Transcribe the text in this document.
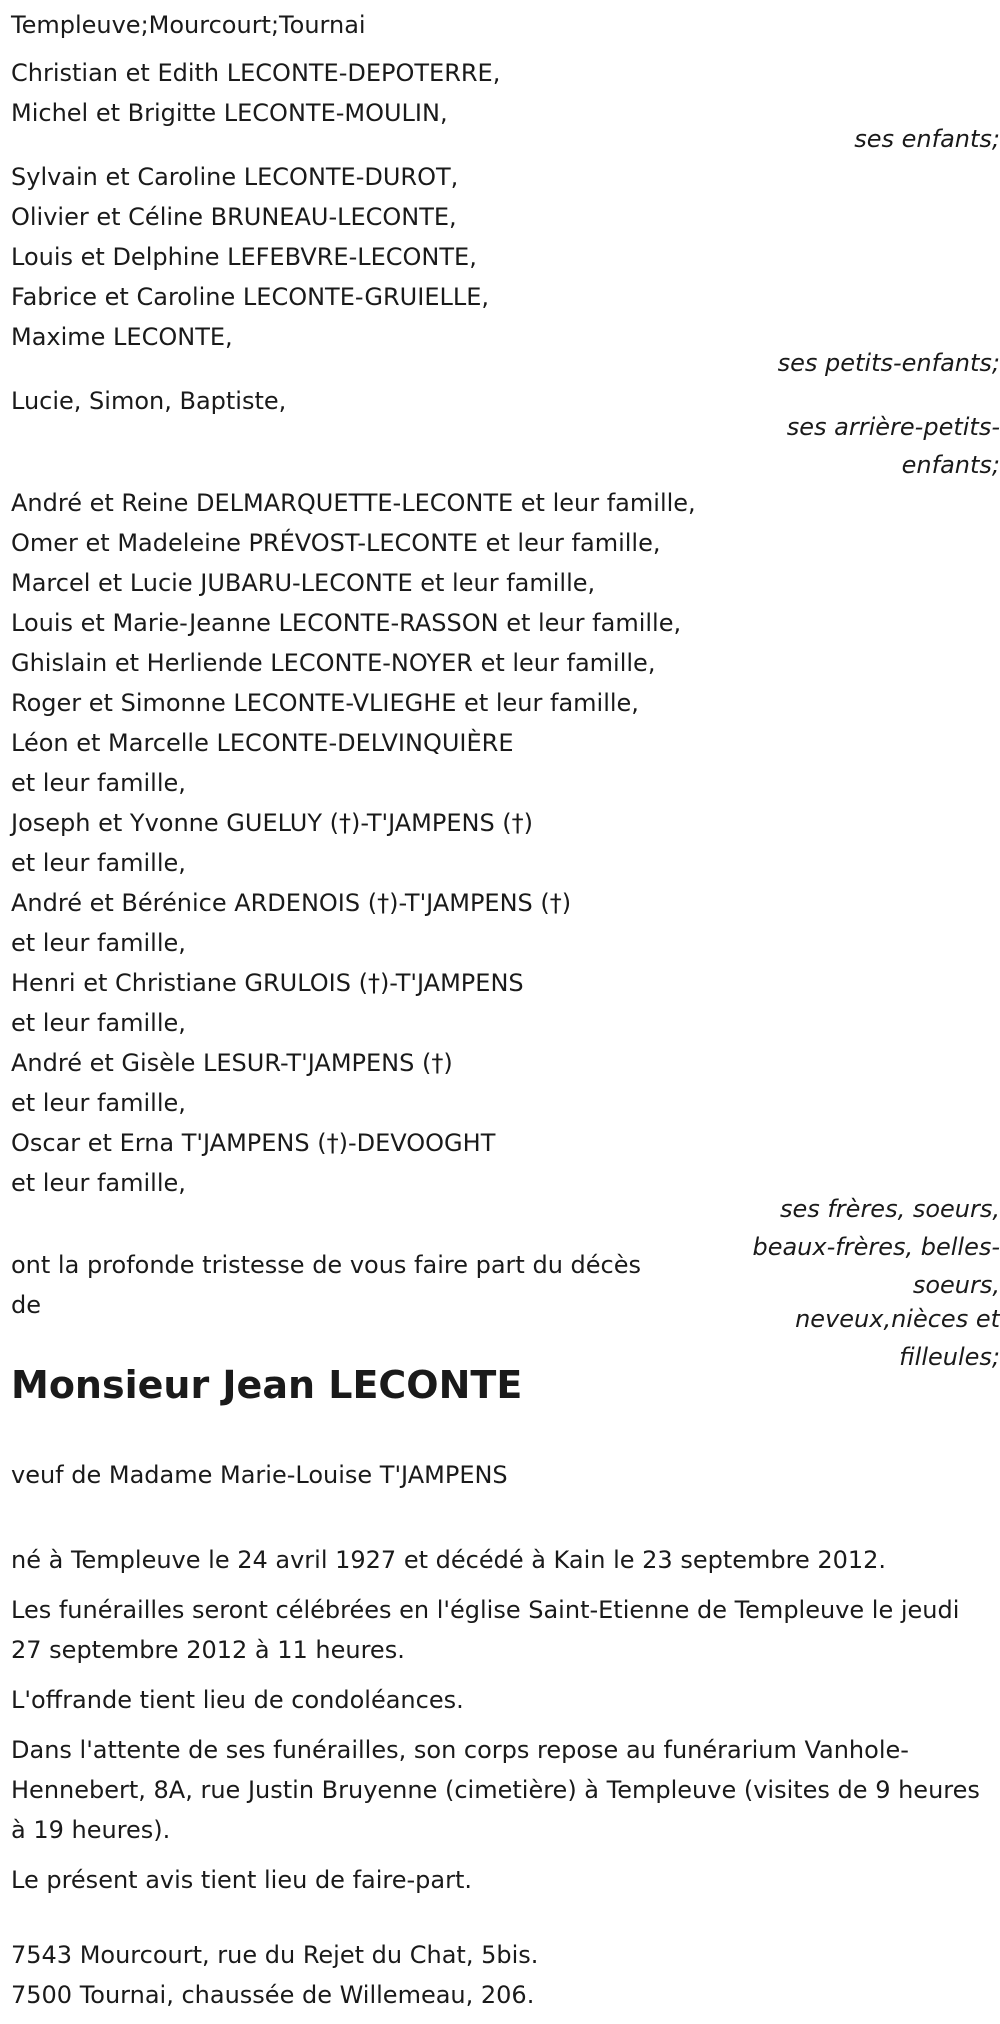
Templeuve;Mourcourt;Tournai
Christian et Edith LECONTE-DEPOTERRE,
Michel et Brigitte LECONTE-MOULIN,
ses enfants;
Sylvain et Caroline LECONTE-DUROT,
Olivier et Céline BRUNEAU-LECONTE,
Louis et Delphine LEFEBVRE-LECONTE,
Fabrice et Caroline LECONTE-GRUIELLE,
Maxime LECONTE,
ses petits-enfants;
Lucie, Simon, Baptiste,
ses arrière-petits-enfants;
André et Reine DELMARQUETTE-LECONTE et leur famille,
Omer et Madeleine PRÉVOST-LECONTE et leur famille,
Marcel et Lucie JUBARU-LECONTE et leur famille,
Louis et Marie-Jeanne LECONTE-RASSON et leur famille,
Ghislain et Herliende LECONTE-NOYER et leur famille,
Roger et Simonne LECONTE-VLIEGHE et leur famille,
Léon et Marcelle LECONTE-DELVINQUIÈRE
et leur famille,
Joseph et Yvonne GUELUY (†)-T'JAMPENS (†)
et leur famille,
André et Bérénice ARDENOIS (†)-T'JAMPENS (†)
et leur famille,
Henri et Christiane GRULOIS (†)-T'JAMPENS
et leur famille,
André et Gisèle LESUR-T'JAMPENS (†)
et leur famille,
Oscar et Erna T'JAMPENS (†)-DEVOOGHT
et leur famille,
ses frères, soeurs, beaux-frères, belles-soeurs,
neveux,nièces et filleules;
ont la profonde tristesse de vous faire part du décès
de
Monsieur Jean LECONTE
veuf de Madame Marie-Louise T'JAMPENS
né à Templeuve le 24 avril 1927 et décédé à Kain le 23 septembre 2012.
Les funérailles seront célébrées en l'église Saint-Etienne de Templeuve le jeudi 27 septembre 2012 à 11 heures.
L'offrande tient lieu de condoléances.
Dans l'attente de ses funérailles, son corps repose au funérarium Vanhole-Hennebert, 8A, rue Justin Bruyenne (cimetière) à Templeuve (visites de 9 heures à 19 heures).
Le présent avis tient lieu de faire-part.
7543 Mourcourt, rue du Rejet du Chat, 5bis.
7500 Tournai, chaussée de Willemeau, 206.
